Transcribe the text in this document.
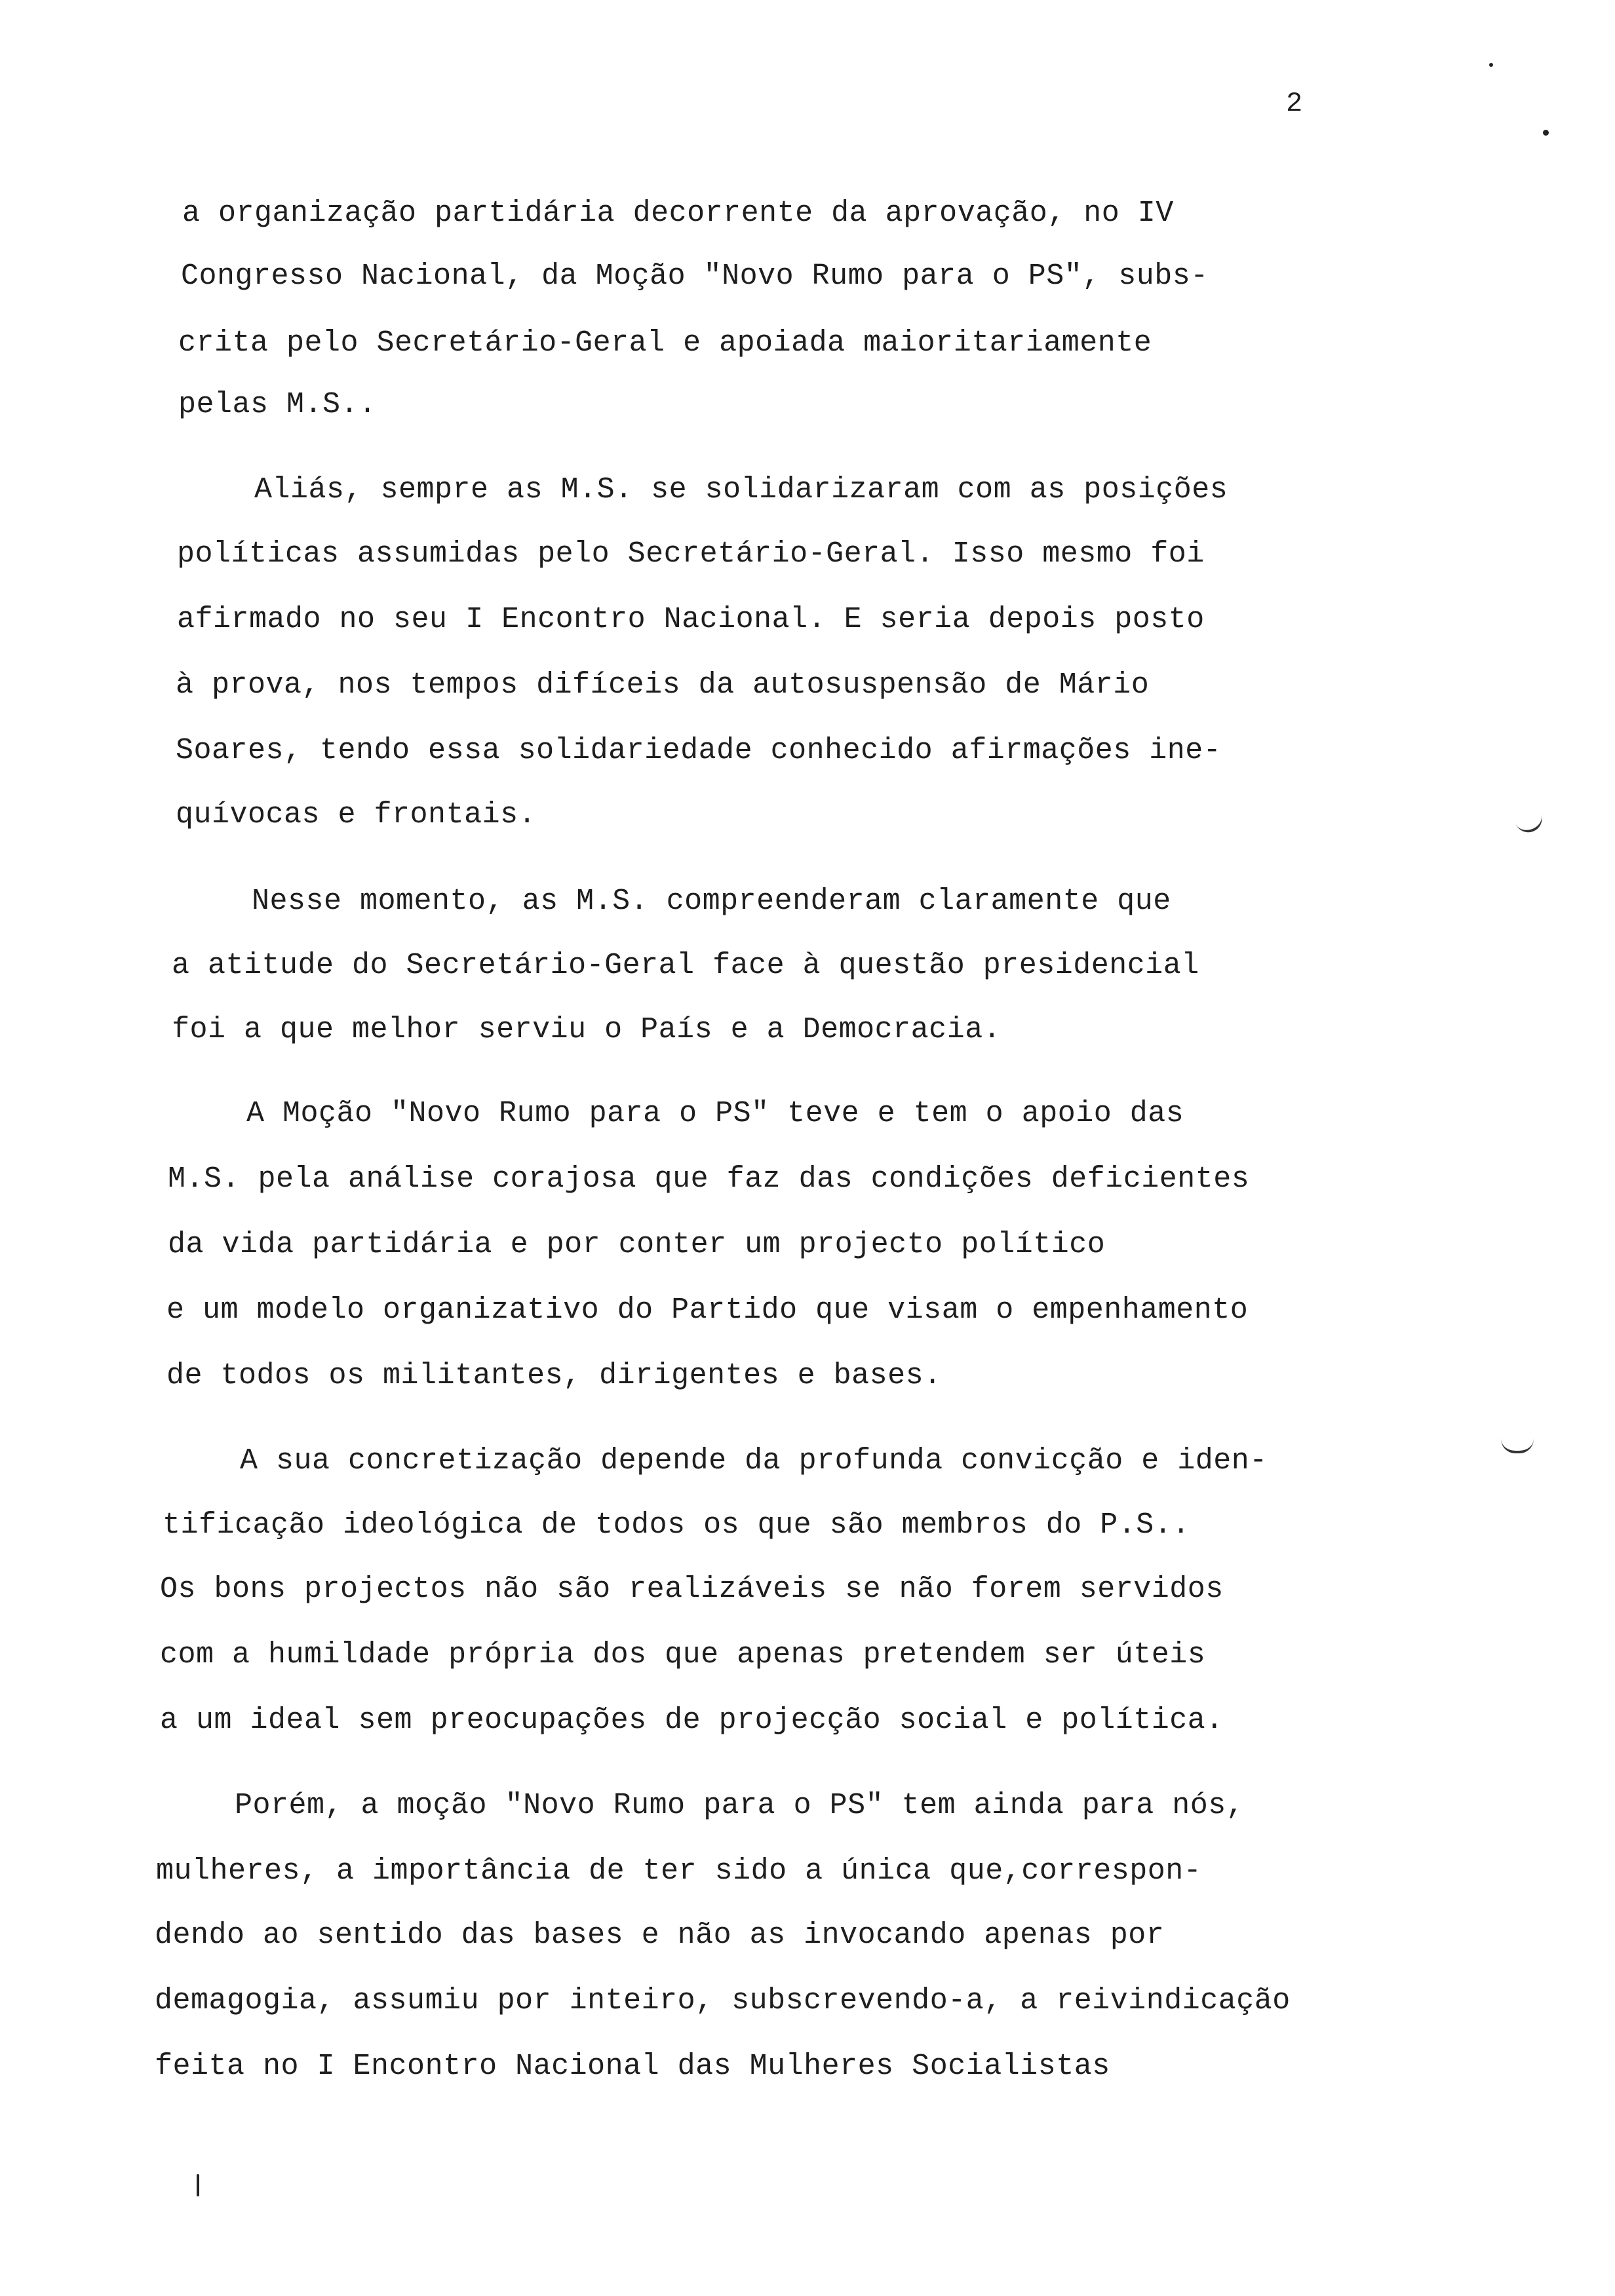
2
a organização partidária decorrente da aprovação, no IV
Congresso Nacional, da Moção "Novo Rumo para o PS", subs-
crita pelo Secretário-Geral e apoiada maioritariamente
pelas M.S..
Aliás, sempre as M.S. se solidarizaram com as posições
políticas assumidas pelo Secretário-Geral. Isso mesmo foi
afirmado no seu I Encontro Nacional. E seria depois posto
à prova, nos tempos difíceis da autosuspensão de Mário
Soares, tendo essa solidariedade conhecido afirmações ine-
quívocas e frontais.
Nesse momento, as M.S. compreenderam claramente que
a atitude do Secretário-Geral face à questão presidencial
foi a que melhor serviu o País e a Democracia.
A Moção "Novo Rumo para o PS" teve e tem o apoio das
M.S. pela análise corajosa que faz das condições deficientes
da vida partidária e por conter um projecto político
e um modelo organizativo do Partido que visam o empenhamento
de todos os militantes, dirigentes e bases.
A sua concretização depende da profunda convicção e iden-
tificação ideológica de todos os que são membros do P.S..
Os bons projectos não são realizáveis se não forem servidos
com a humildade própria dos que apenas pretendem ser úteis
a um ideal sem preocupações de projecção social e política.
Porém, a moção "Novo Rumo para o PS" tem ainda para nós,
mulheres, a importância de ter sido a única que,correspon-
dendo ao sentido das bases e não as invocando apenas por
demagogia, assumiu por inteiro, subscrevendo-a, a reivindicação
feita no I Encontro Nacional das Mulheres Socialistas
